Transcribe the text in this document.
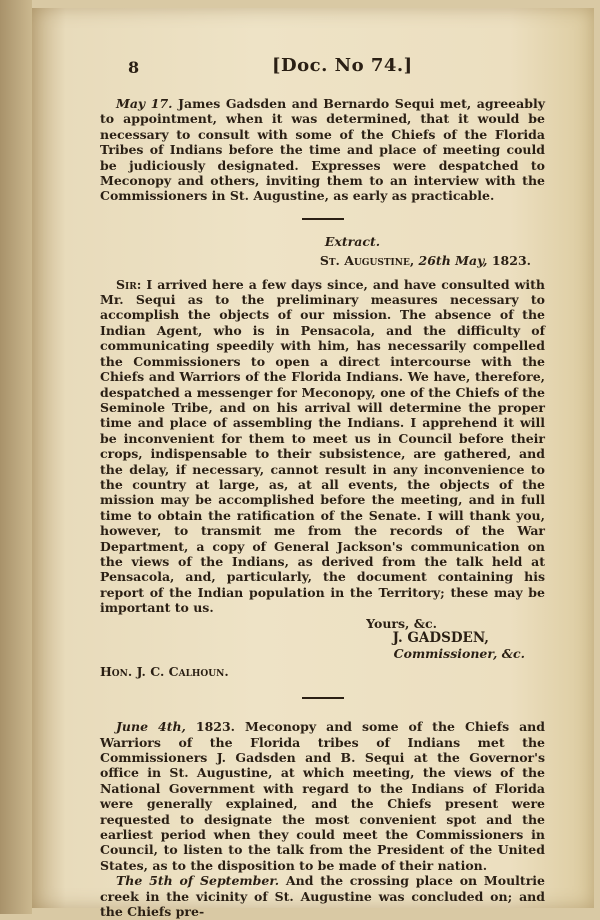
8	[Doc. No 74.]

May 17. James Gadsden and Bernardo Sequi met, agreeably to appointment, when it was determined, that it would be necessary to consult with some of the Chiefs of the Florida Tribes of Indians before the time and place of meeting could be judiciously designated. Expresses were despatched to Meconopy and others, inviting them to an interview with the Commissioners in St. Augustine, as early as practicable.

Extract.
St. Augustine, 26th May, 1823.

Sir: I arrived here a few days since, and have consulted with Mr. Sequi as to the preliminary measures necessary to accomplish the objects of our mission. The absence of the Indian Agent, who is in Pensacola, and the difficulty of communicating speedily with him, has necessarily compelled the Commissioners to open a direct intercourse with the Chiefs and Warriors of the Florida Indians. We have, therefore, despatched a messenger for Meconopy, one of the Chiefs of the Seminole Tribe, and on his arrival will determine the proper time and place of assembling the Indians. I apprehend it will be inconvenient for them to meet us in Council before their crops, indispensable to their subsistence, are gathered, and the delay, if necessary, cannot result in any inconvenience to the country at large, as, at all events, the objects of the mission may be accomplished before the meeting, and in full time to obtain the ratification of the Senate. I will thank you, however, to transmit me from the records of the War Department, a copy of General Jackson's communication on the views of the Indians, as derived from the talk held at Pensacola, and, particularly, the document containing his report of the Indian population in the Territory; these may be important to us.

Yours, &c.
J. GADSDEN,
Commissioner, &c.
Hon. J. C. Calhoun.

June 4th, 1823. Meconopy and some of the Chiefs and Warriors of the Florida tribes of Indians met the Commissioners J. Gadsden and B. Sequi at the Governor's office in St. Augustine, at which meeting, the views of the National Government with regard to the Indians of Florida were generally explained, and the Chiefs present were requested to designate the most convenient spot and the earliest period when they could meet the Commissioners in Council, to listen to the talk from the President of the United States, as to the disposition to be made of their nation.

The 5th of September. And the crossing place on Moultrie creek in the vicinity of St. Augustine was concluded on; and the Chiefs pre-
